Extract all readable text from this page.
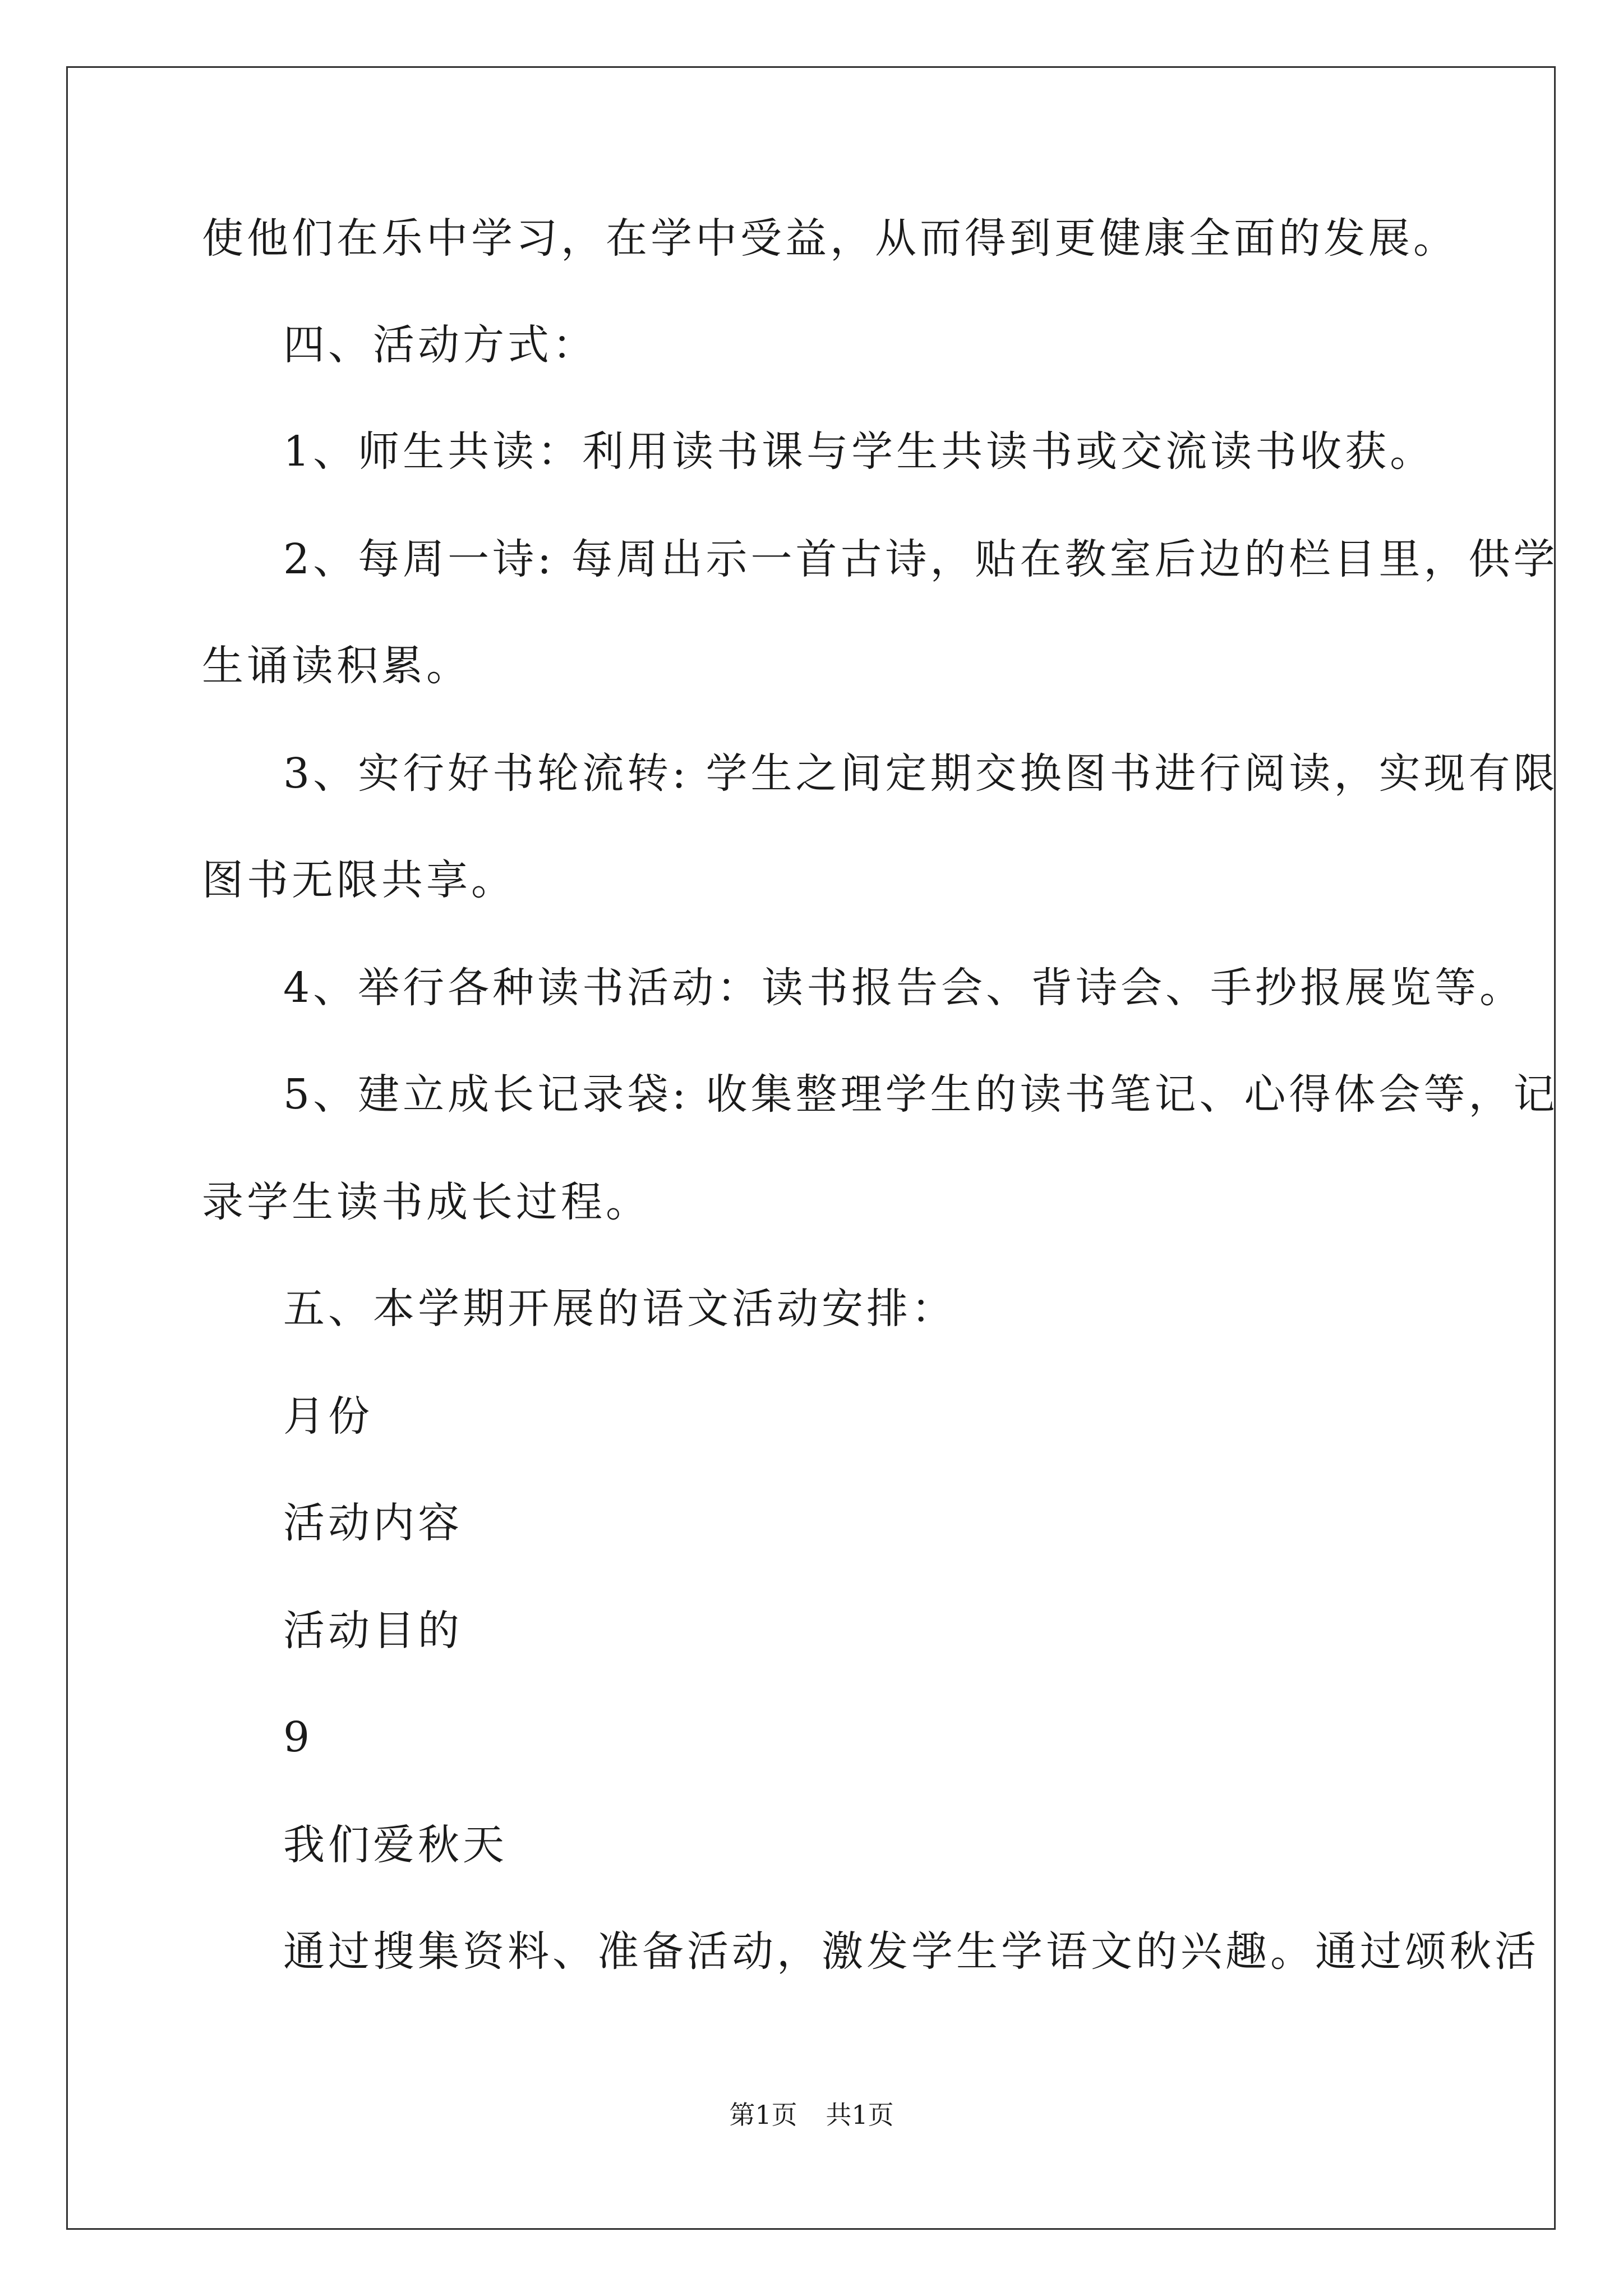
使他们在乐中学习，在学中受益，从而得到更健康全面的发展。
四、活动方式：
1、师生共读：利用读书课与学生共读书或交流读书收获。
2、每周一诗: 每周出示一首古诗，贴在教室后边的栏目里，供学
生诵读积累。
3、实行好书轮流转: 学生之间定期交换图书进行阅读，实现有限
图书无限共享。
4、举行各种读书活动：读书报告会、背诗会、手抄报展览等。
5、建立成长记录袋: 收集整理学生的读书笔记、心得体会等，记
录学生读书成长过程。
五、本学期开展的语文活动安排：
月份
活动内容
活动目的
9
我们爱秋天
通过搜集资料、准备活动，激发学生学语文的兴趣。通过颂秋活
第1页 共1页
